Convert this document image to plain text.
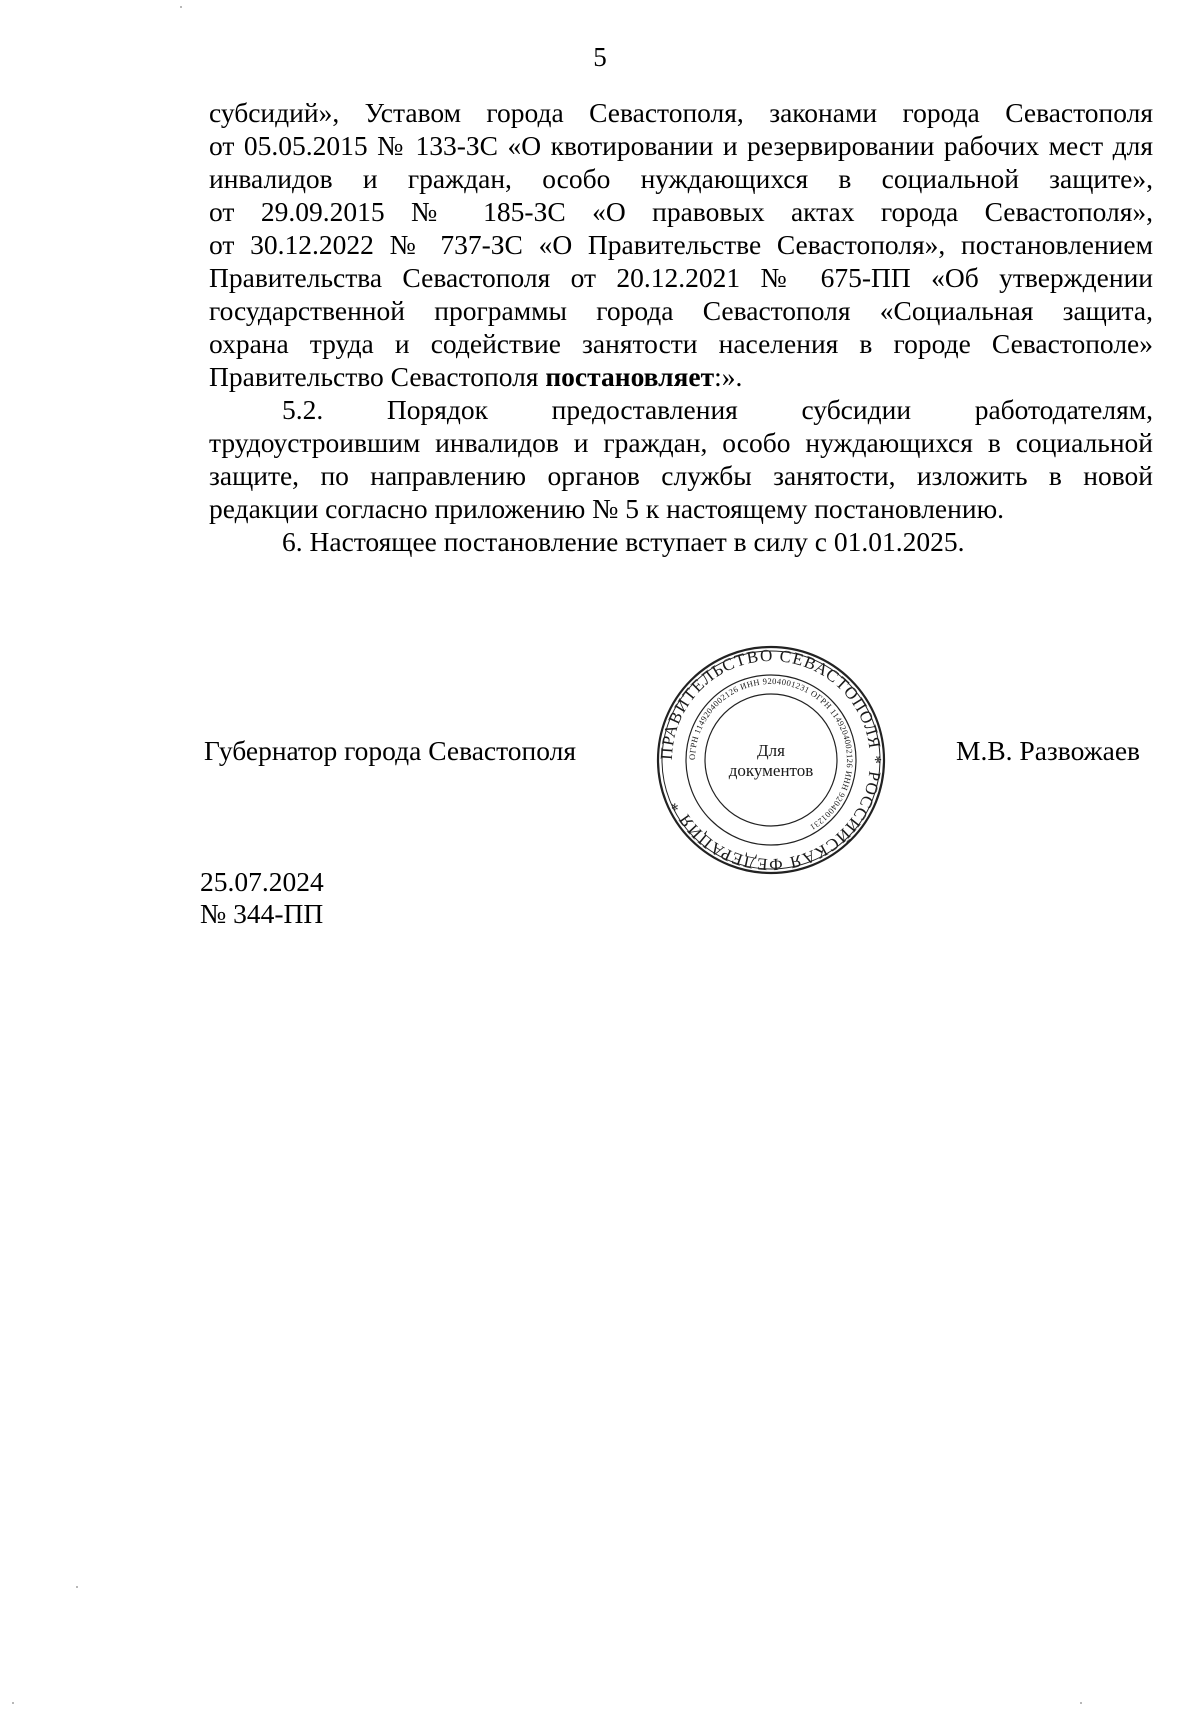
5

субсидий», Уставом города Севастополя, законами города Севастополя

от 05.05.2015 № 133-ЗС «О квотировании и резервировании рабочих мест для

инвалидов и граждан, особо нуждающихся в социальной защите»,

от 29.09.2015 № 185-ЗС «О правовых актах города Севастополя»,

от 30.12.2022 № 737-ЗС «О Правительстве Севастополя», постановлением

Правительства Севастополя от 20.12.2021 № 675-ПП «Об утверждении

государственной программы города Севастополя «Социальная защита,

охрана труда и содействие занятости населения в городе Севастополе»

Правительство Севастополя постановляет:».

5.2. Порядок предоставления субсидии работодателям,

трудоустроившим инвалидов и граждан, особо нуждающихся в социальной

защите, по направлению органов службы занятости, изложить в новой

редакции согласно приложению № 5 к настоящему постановлению.

6. Настоящее постановление вступает в силу с 01.01.2025.

Губернатор города Севастополя	ПРАВИТЕЛЬСТВО СЕВАСТОПОЛЯ * РОССИЙСКАЯ ФЕДЕРАЦИЯ *
ОГРН 1149204002126 ИНН 9204001231 ОГРН 1149204002126 ИНН 9204001231
Для
документов
М.В. Развожаев
25.07.2024
№ 344-ПП
